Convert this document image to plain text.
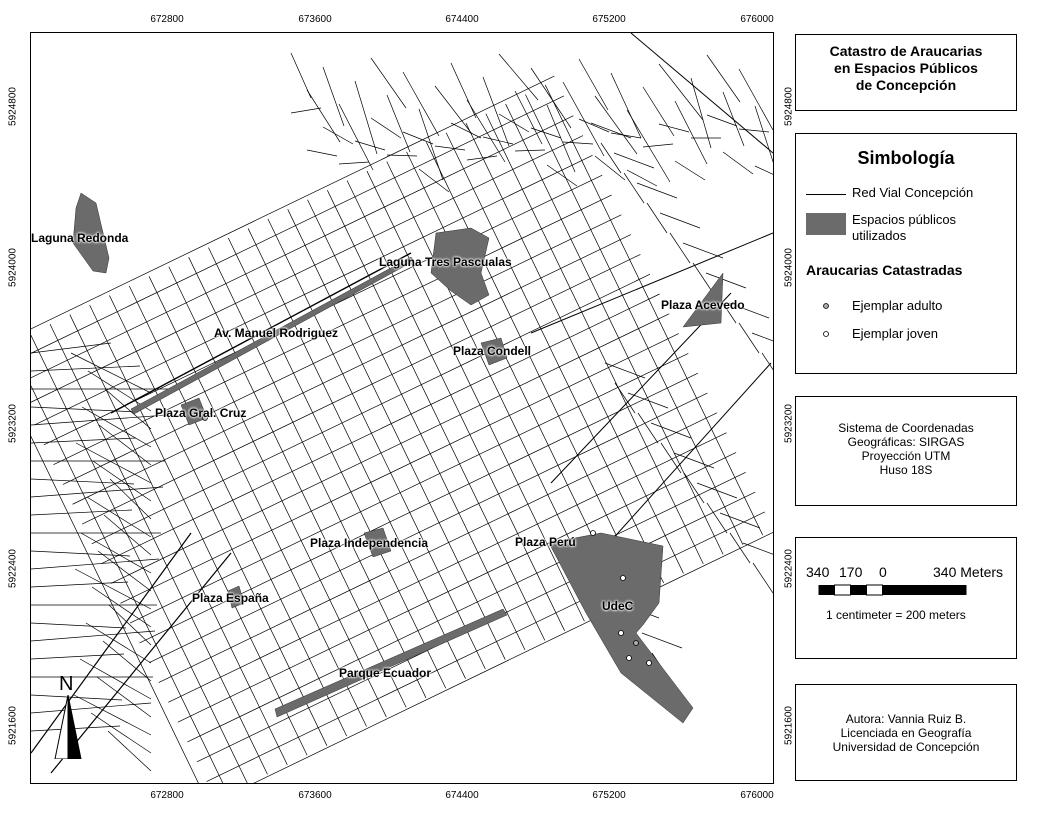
Laguna Redonda
Laguna Tres Pascualas
Plaza Acevedo
Av. Manuel Rodriguez
Plaza Condell
Plaza Gral. Cruz
Plaza Perú
Plaza Independencia
Plaza España
UdeC
Parque Ecuador
N
672800	673600	674400	675200	676000
672800	673600	674400	675200	676000
5924800
5924000
5923200
5922400
5921600
5924800
5924000
5923200
5922400
5921600
Catastro de Araucarias
en Espacios Públicos
de Concepción
Simbología
Red Vial Concepción
Espacios públicos
utilizados
Araucarias Catastradas
Ejemplar adulto
Ejemplar joven
Sistema de Coordenadas
Geográficas: SIRGAS
Proyección UTM
Huso 18S
340 170 0	340 Meters
1 centimeter = 200 meters
Autora: Vannia Ruiz B.
Licenciada en Geografía
Universidad de Concepción
